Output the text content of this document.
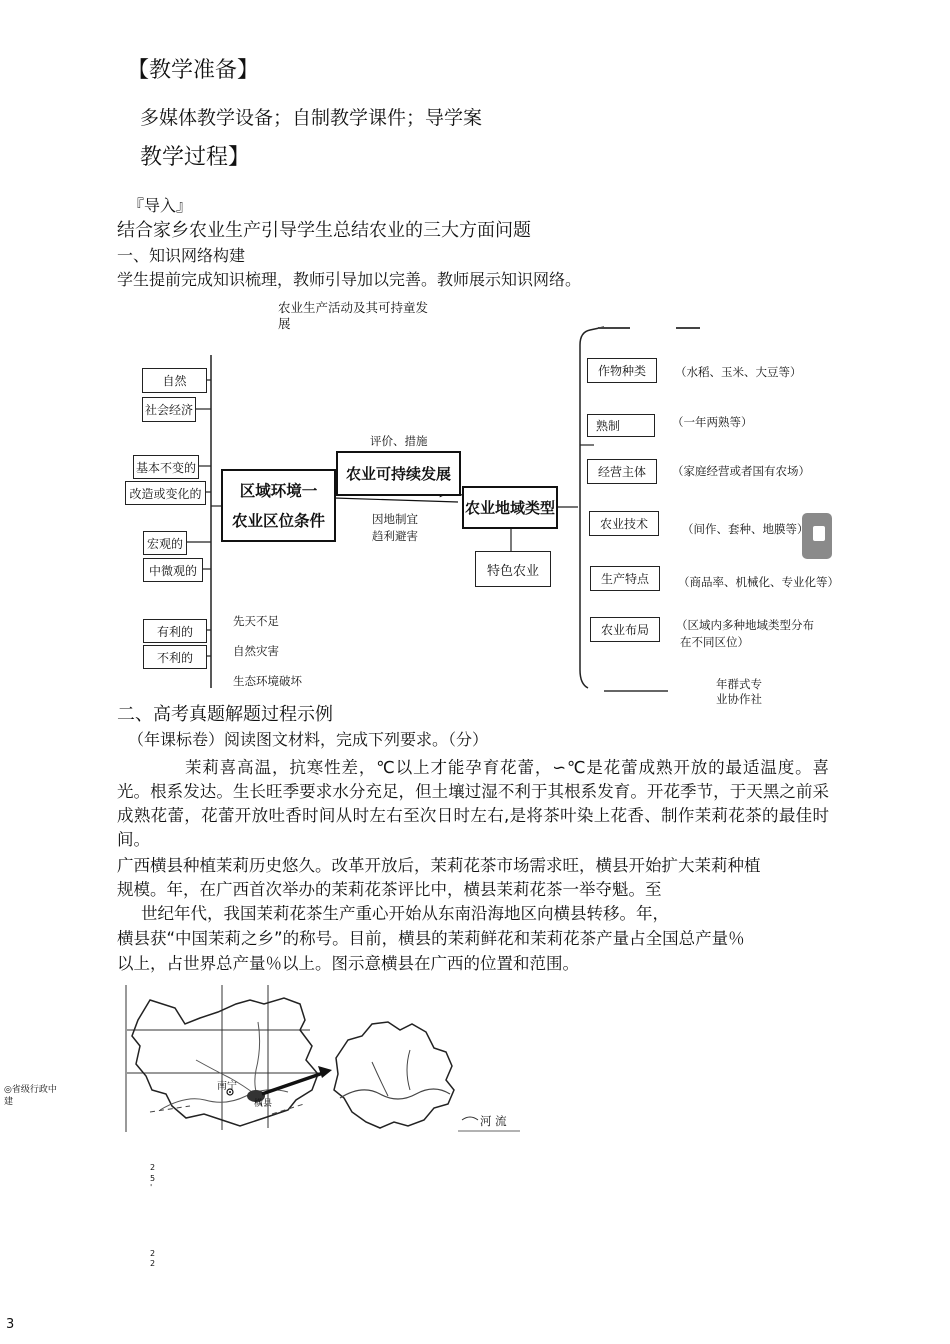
【教学准备】
多媒体教学设备；自制教学课件；导学案
教学过程】
『导入』
结合家乡农业生产引导学生总结农业的三大方面问题
一、知识网络构建
学生提前完成知识梳理，教师引导加以完善。教师展示知识网络。
农业生产活动及其可持童发
展
自然
社会经济
基本不变的
改造或变化的
宏观的
中微观的
有利的
不利的
先天不足
自然灾害
生态环境破坏
区域环境一
农业区位条件
评价、措施
农业可持续发展
因地制宜
趋利避害
农业地域类型
特色农业
作物种类
熟制
经营主体
农业技术
生产特点
农业布局
（水稻、玉米、大豆等）
（一年两熟等）
（家庭经营或者国有农场）
（间作、套种、地膜等）
（商品率、机械化、专业化等）
（区域内多种地域类型分布
在不同区位）
年群式专
业协作社
二、高考真题解题过程示例
（年课标卷）阅读图文材料，完成下列要求。（分）
茉莉喜高温，抗寒性差，℃以上才能孕育花蕾，∽℃是花蕾成熟开放的最适温度。喜光。根系发达。生长旺季要求水分充足，但土壤过湿不利于其根系发育。开花季节，于天黑之前采成熟花蕾，花蕾开放吐香时间从时左右至次日时左右,是将茶叶染上花香、制作茉莉花茶的最佳时间。
广西横县种植茉莉历史悠久。改革开放后，茉莉花茶市场需求旺，横县开始扩大茉莉种植
规模。年，在广西首次举办的茉莉花茶评比中，横县茉莉花茶一举夺魁。至
世纪年代，我国茉莉花茶生产重心开始从东南沿海地区向横县转移。年，
横县获“中国茉莉之乡”的称号。目前，横县的茉莉鲜花和茉莉花茶产量占全国总产量％
以上，占世界总产量％以上。图示意横县在广西的位置和范围。
南宁
横县
河 流
◎省级行政中
建
2
5
'
2
2
3
